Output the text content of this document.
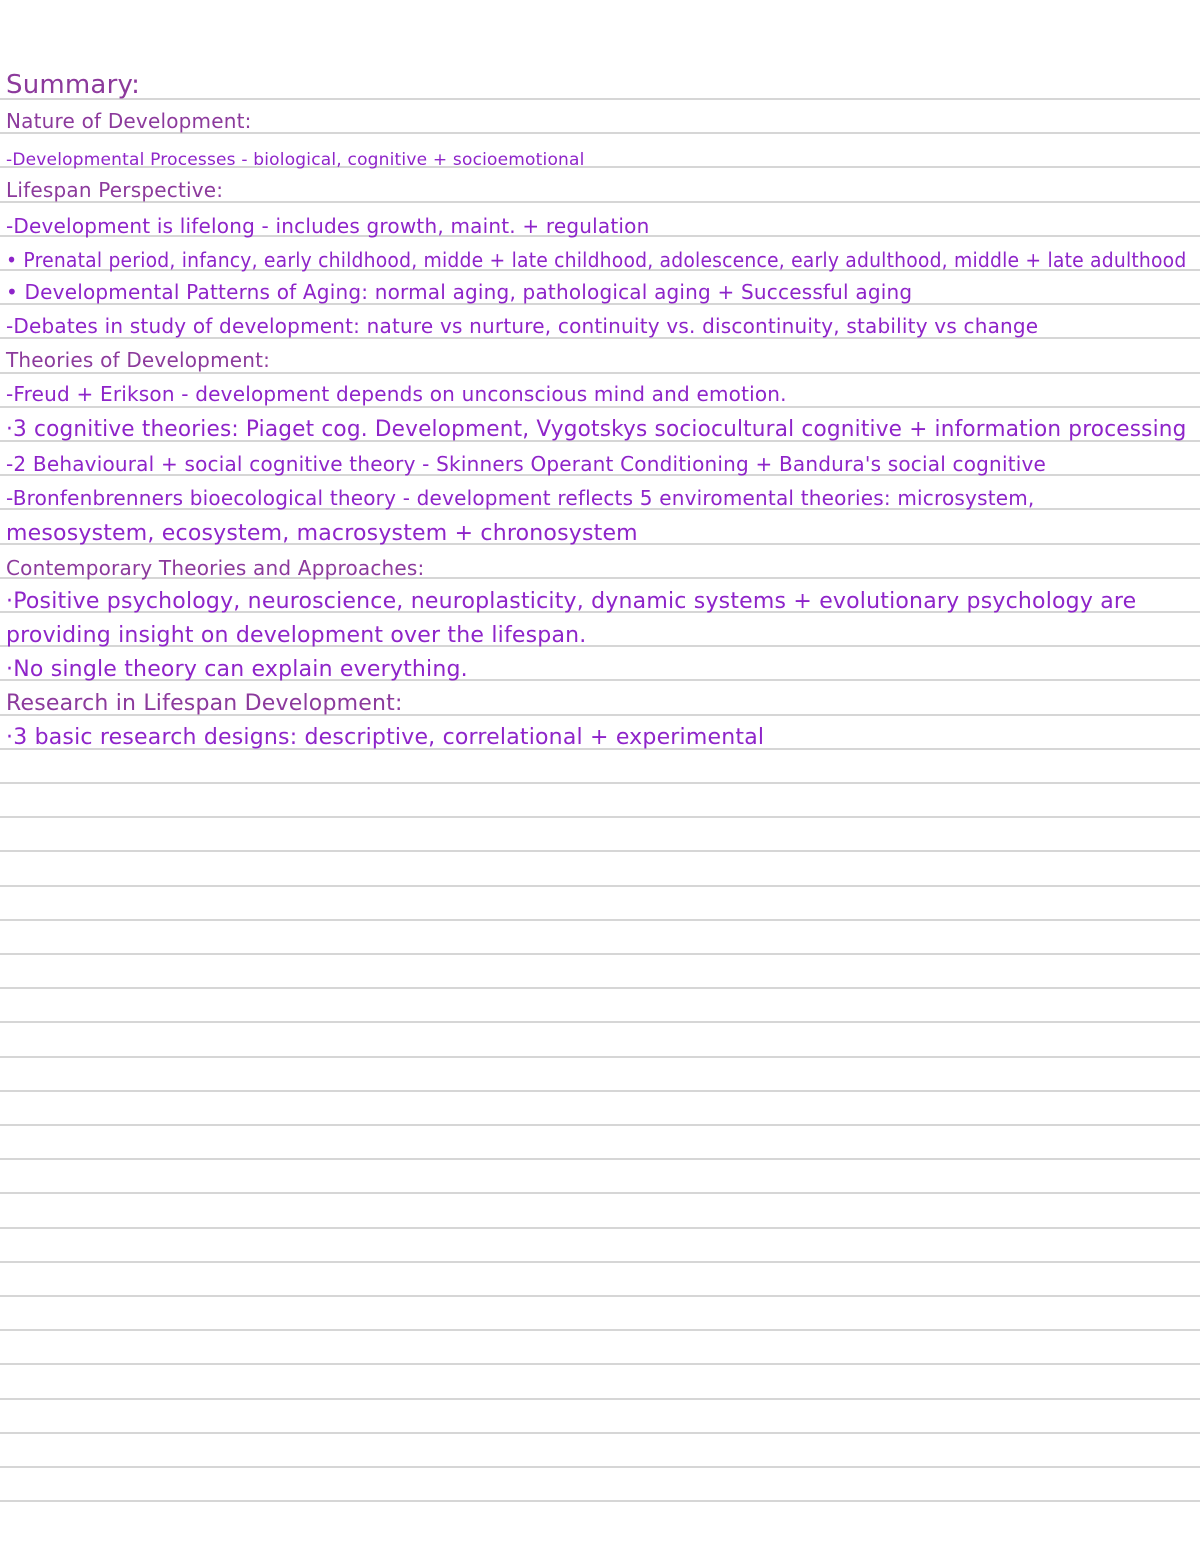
Summary:
Nature of Development:
-Developmental Processes - biological, cognitive + socioemotional
Lifespan Perspective:
-Development is lifelong - includes growth, maint. + regulation
• Prenatal period, infancy, early childhood, midde + late childhood, adolescence, early adulthood, middle + late adulthood
• Developmental Patterns of Aging: normal aging, pathological aging + Successful aging
-Debates in study of development: nature vs nurture, continuity vs. discontinuity, stability vs change
Theories of Development:
-Freud + Erikson - development depends on unconscious mind and emotion.
·3 cognitive theories: Piaget cog. Development, Vygotskys sociocultural cognitive + information processing
-2 Behavioural + social cognitive theory - Skinners Operant Conditioning + Bandura's social cognitive
-Bronfenbrenners bioecological theory - development reflects 5 enviromental theories: microsystem,
mesosystem, ecosystem, macrosystem + chronosystem
Contemporary Theories and Approaches:
·Positive psychology, neuroscience, neuroplasticity, dynamic systems + evolutionary psychology are
providing insight on development over the lifespan.
·No single theory can explain everything.
Research in Lifespan Development:
·3 basic research designs: descriptive, correlational + experimental
